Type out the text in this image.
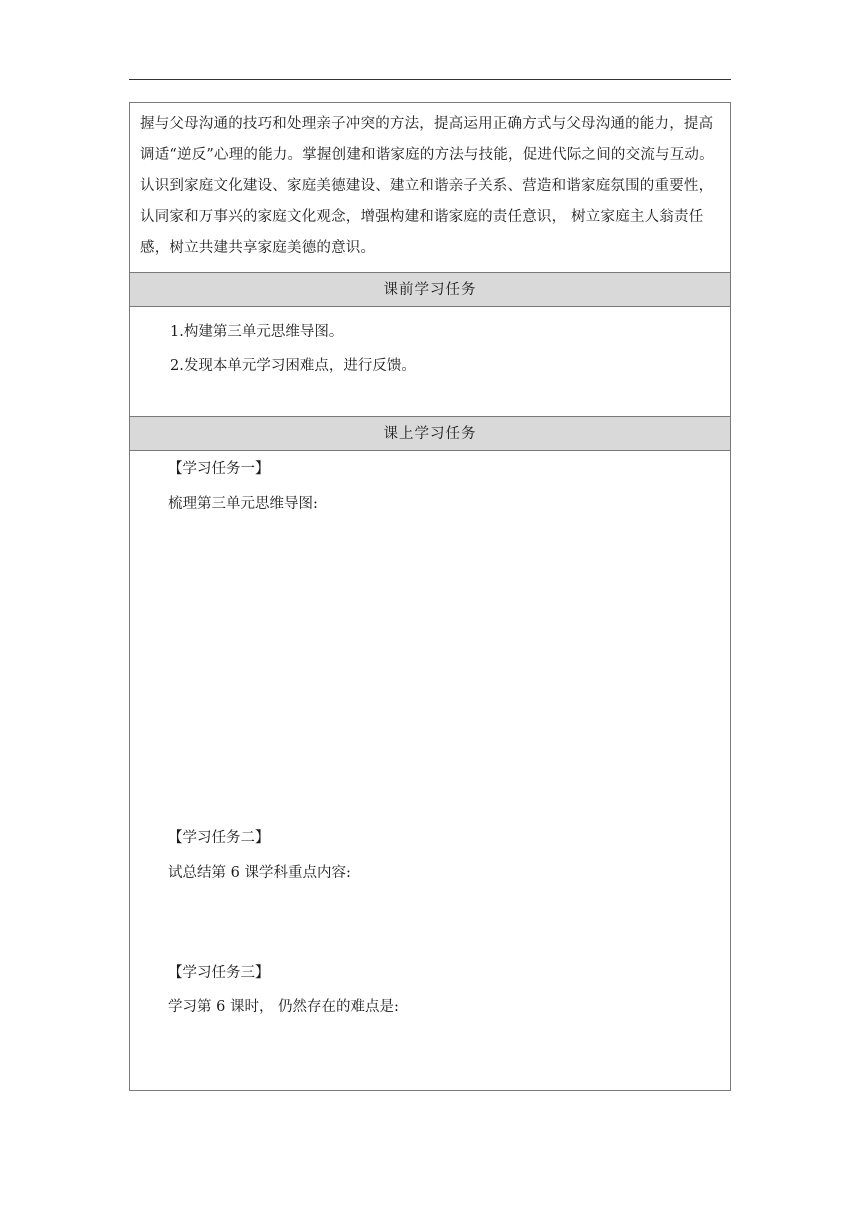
握与父母沟通的技巧和处理亲子冲突的方法，提高运用正确方式与父母沟通的能力，提高调适“逆反”心理的能力。掌握创建和谐家庭的方法与技能，促进代际之间的交流与互动。认识到家庭文化建设、家庭美德建设、建立和谐亲子关系、营造和谐家庭氛围的重要性，认同家和万事兴的家庭文化观念，增强构建和谐家庭的责任意识， 树立家庭主人翁责任感，树立共建共享家庭美德的意识。

课前学习任务

1.构建第三单元思维导图。

2.发现本单元学习困难点，进行反馈。

课上学习任务

【学习任务一】

梳理第三单元思维导图:

【学习任务二】

试总结第 6 课学科重点内容:

【学习任务三】

学习第 6 课时， 仍然存在的难点是:
